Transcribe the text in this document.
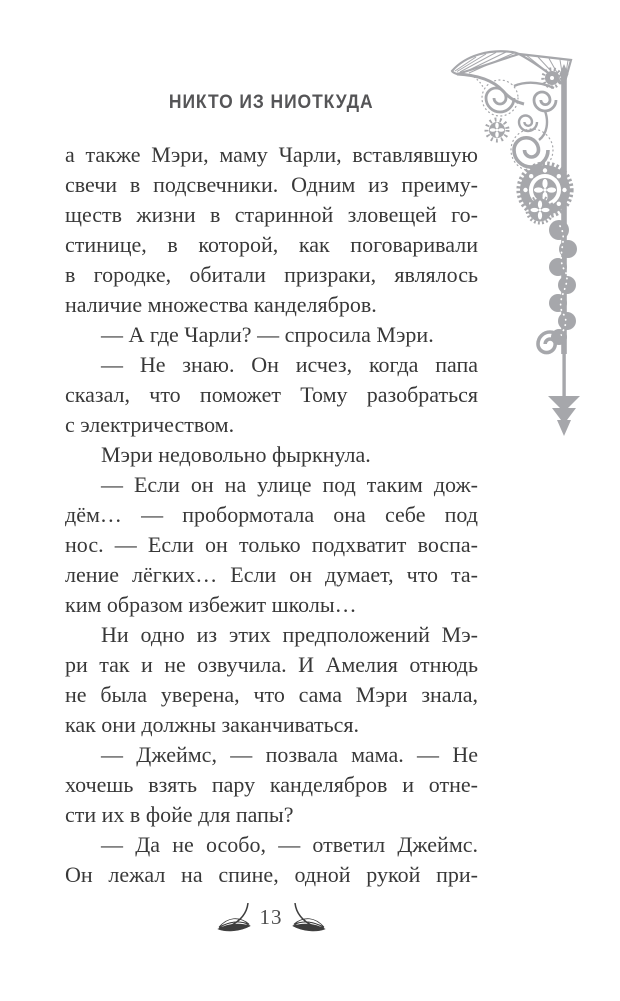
НИКТО ИЗ НИОТКУДА
а также Мэри, маму Чарли, вставлявшую
свечи в подсвечники. Одним из преиму-
ществ жизни в старинной зловещей го-
стинице, в которой, как поговаривали
в городке, обитали призраки, являлось
наличие множества канделябров.
— А где Чарли? — спросила Мэри.
— Не знаю. Он исчез, когда папа
сказал, что поможет Тому разобраться
с электричеством.
Мэри недовольно фыркнула.
— Если он на улице под таким дож-
дём… — пробормотала она себе под
нос. — Если он только подхватит воспа-
ление лёгких… Если он думает, что та-
ким образом избежит школы…
Ни одно из этих предположений Мэ-
ри так и не озвучила. И Амелия отнюдь
не была уверена, что сама Мэри знала,
как они должны заканчиваться.
— Джеймс, — позвала мама. — Не
хочешь взять пару канделябров и отне-
сти их в фойе для папы?
— Да не особо, — ответил Джеймс.
Он лежал на спине, одной рукой при-
13
